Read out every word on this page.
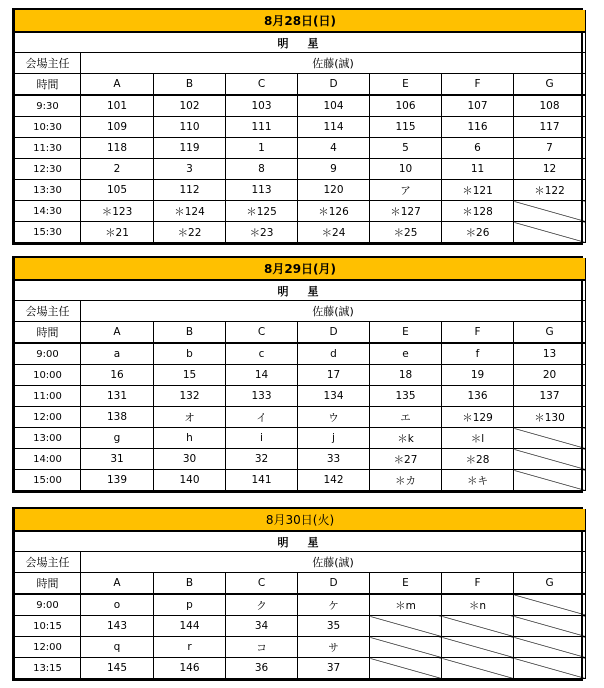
8月28日(日)							
明　星							
会場主任	佐藤(誠)						
時間	A	B	C	D	E	F	G
9:30	101	102	103	104	106	107	108
10:30	109	110	111	114	115	116	117
11:30	118	119	1	4	5	6	7
12:30	2	3	8	9	10	11	12
13:30	105	112	113	120	ア	＊121	＊122
14:30	＊123	＊124	＊125	＊126	＊127	＊128	
15:30	＊21	＊22	＊23	＊24	＊25	＊26	
8月29日(月)							
明　星							
会場主任	佐藤(誠)						
時間	A	B	C	D	E	F	G
9:00	a	b	c	d	e	f	13
10:00	16	15	14	17	18	19	20
11:00	131	132	133	134	135	136	137
12:00	138	オ	イ	ウ	エ	＊129	＊130
13:00	g	h	i	j	＊k	＊l	
14:00	31	30	32	33	＊27	＊28	
15:00	139	140	141	142	＊カ	＊キ	
8月30日(火)							
明　星							
会場主任	佐藤(誠)						
時間	A	B	C	D	E	F	G
9:00	o	p	ク	ケ	＊m	＊n	
10:15	143	144	34	35			
12:00	q	r	コ	サ			
13:15	145	146	36	37			
